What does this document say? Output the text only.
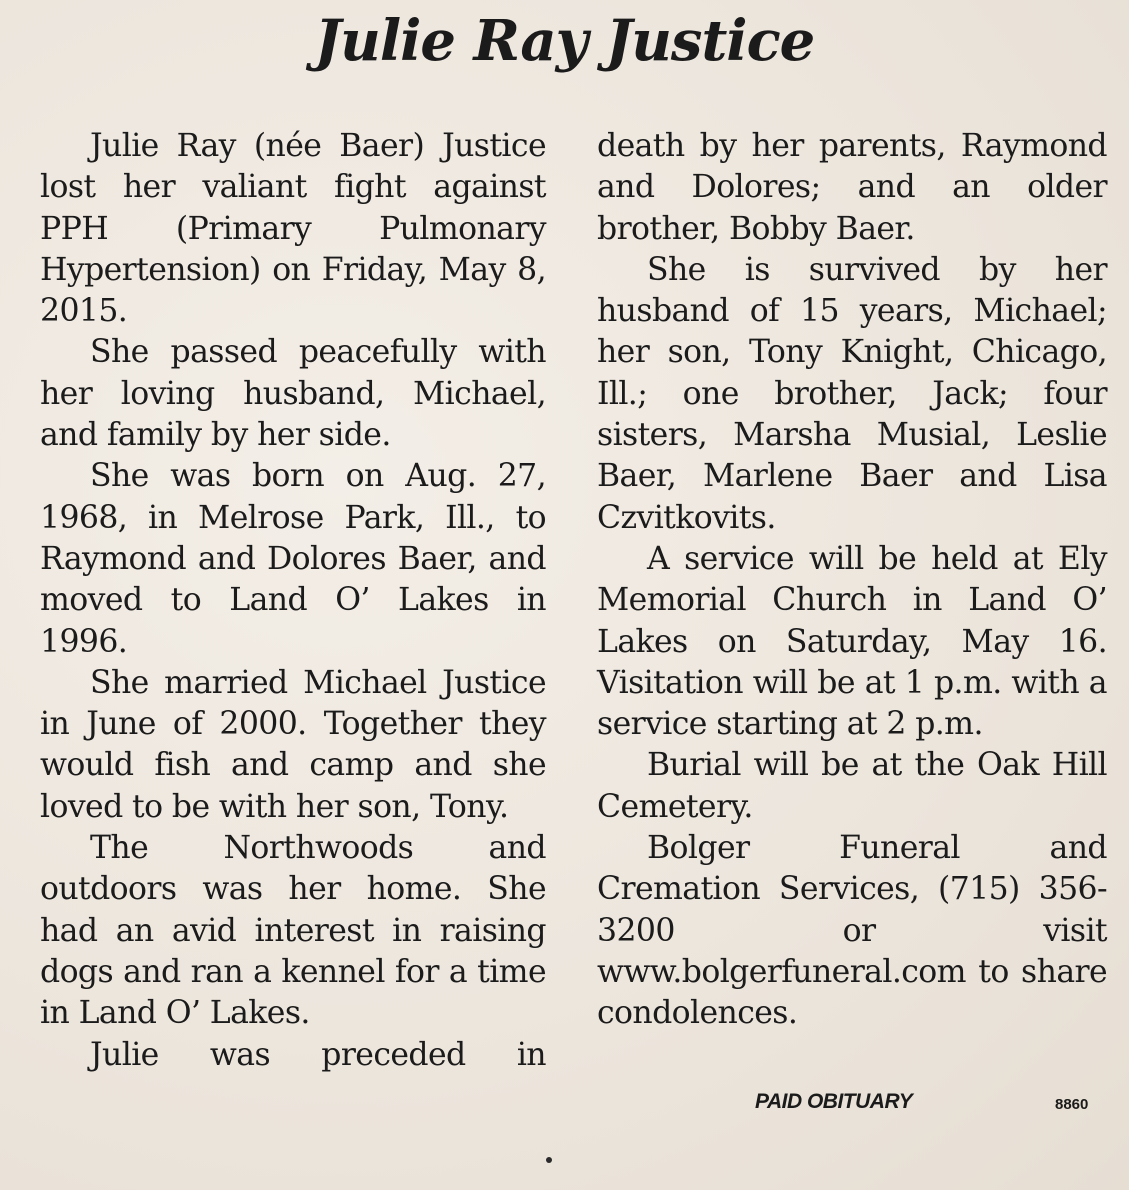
Julie Ray Justice

Julie Ray (née Baer) Justice lost her valiant fight against PPH (Primary Pulmonary Hypertension) on Friday, May 8, 2015.

She passed peacefully with her loving husband, Michael, and family by her side.

She was born on Aug. 27, 1968, in Melrose Park, Ill., to Raymond and Dolores Baer, and moved to Land O’ Lakes in 1996.

She married Michael Justice in June of 2000. Together they would fish and camp and she loved to be with her son, Tony.

The Northwoods and outdoors was her home. She had an avid interest in raising dogs and ran a kennel for a time in Land O’ Lakes.

Julie was preceded in

death by her parents, Raymond and Dolores; and an older brother, Bobby Baer.

She is survived by her husband of 15 years, Michael; her son, Tony Knight, Chicago, Ill.; one brother, Jack; four sisters, Marsha Musial, Leslie Baer, Marlene Baer and Lisa Czvitkovits.

A service will be held at Ely Memorial Church in Land O’ Lakes on Saturday, May 16. Visitation will be at 1 p.m. with a service starting at 2 p.m.

Burial will be at the Oak Hill Cemetery.

Bolger Funeral and Cremation Services, (715) 356-3200 or visit www.bolgerfuneral.com to share condolences.

PAID OBITUARY	8860
